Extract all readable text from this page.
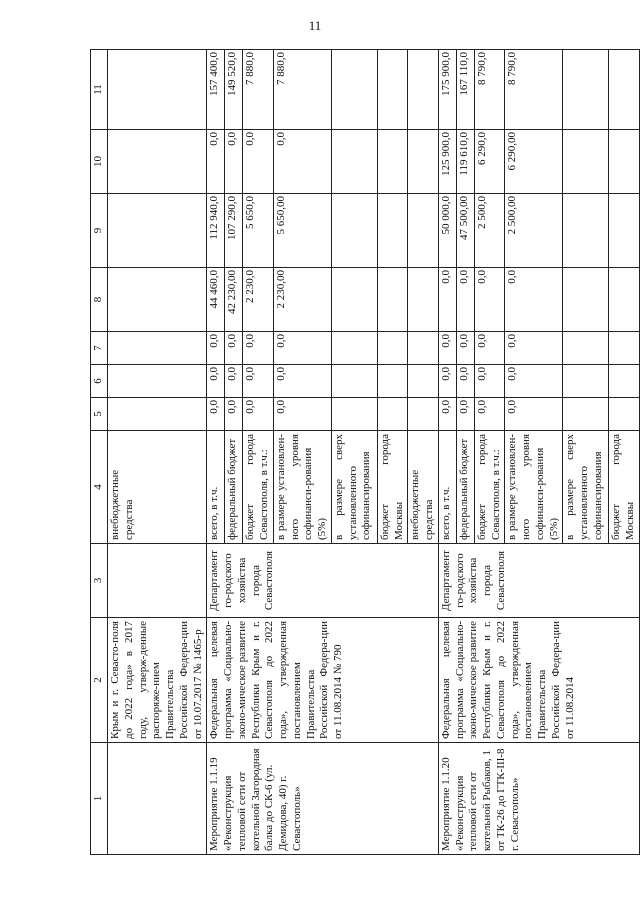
11
1	2	3	4	5	6	7	8	9	10	11
	Крым и г. Севасто-поля до 2022 года» в 2017 году, утверж-денные распоряже-нием Правительства Российской Федера-ции от 10.07.2017 № 1465-р		внебюджетные средства							
Мероприятие 1.1.19 «Реконструкция тепловой сети от котельной Загородная балка до СК-6 (ул. Демидова, 40) г. Севастополь»	Федеральная целевая программа «Социально-эконо-мическое развитие Республики Крым и г. Севастополя до 2022 года», утвержденная постановлением Правительства Российской Федера-ции от 11.08.2014 № 790	Департамент го-родского хозяйства города Севастополя	всего, в т.ч.	0,0	0,0	0,0	44 460,0	112 940,0	0,0	157 400,0
			федеральный бюджет	0,0	0,0	0,0	42 230,00	107 290,0	0,0	149 520,0
			бюджет города Севастополя, в т.ч.:	0,0	0,0	0,0	2 230,0	5 650,0	0,0	7 880,0
			в размере установлен-ного уровня софинанси-рования (5%)	0,0	0,0	0,0	2 230,00	5 650,00	0,0	7 880,0
			в размере сверх установленного софинансирования							
			бюджет города Москвы							
			внебюджетные средства							
Мероприятие 1.1.20 «Реконструкция тепловой сети от котельной Рыбаков, 1 от ТК-26 до ГТК-III-8 г. Севастополь»	Федеральная целевая программа «Социально-эконо-мическое развитие Республики Крым и г. Севастополя до 2022 года», утвержденная постановлением Правительства Российской Федера-ции от 11.08.2014	Департамент го-родского хозяйства города Севастополя	всего, в т.ч.	0,0	0,0	0,0	0,0	50 000,0	125 900,0	175 900,0
			федеральный бюджет	0,0	0,0	0,0	0,0	47 500,00	119 610,0	167 110,0
			бюджет города Севастополя, в т.ч.:	0,0	0,0	0,0	0,0	2 500,0	6 290,0	8 790,0
			в размере установлен-ного уровня софинанси-рования (5%)	0,0	0,0	0,0	0,0	2 500,00	6 290,00	8 790,0
			в размере сверх установленного софинансирования							
			бюджет города Москвы							
